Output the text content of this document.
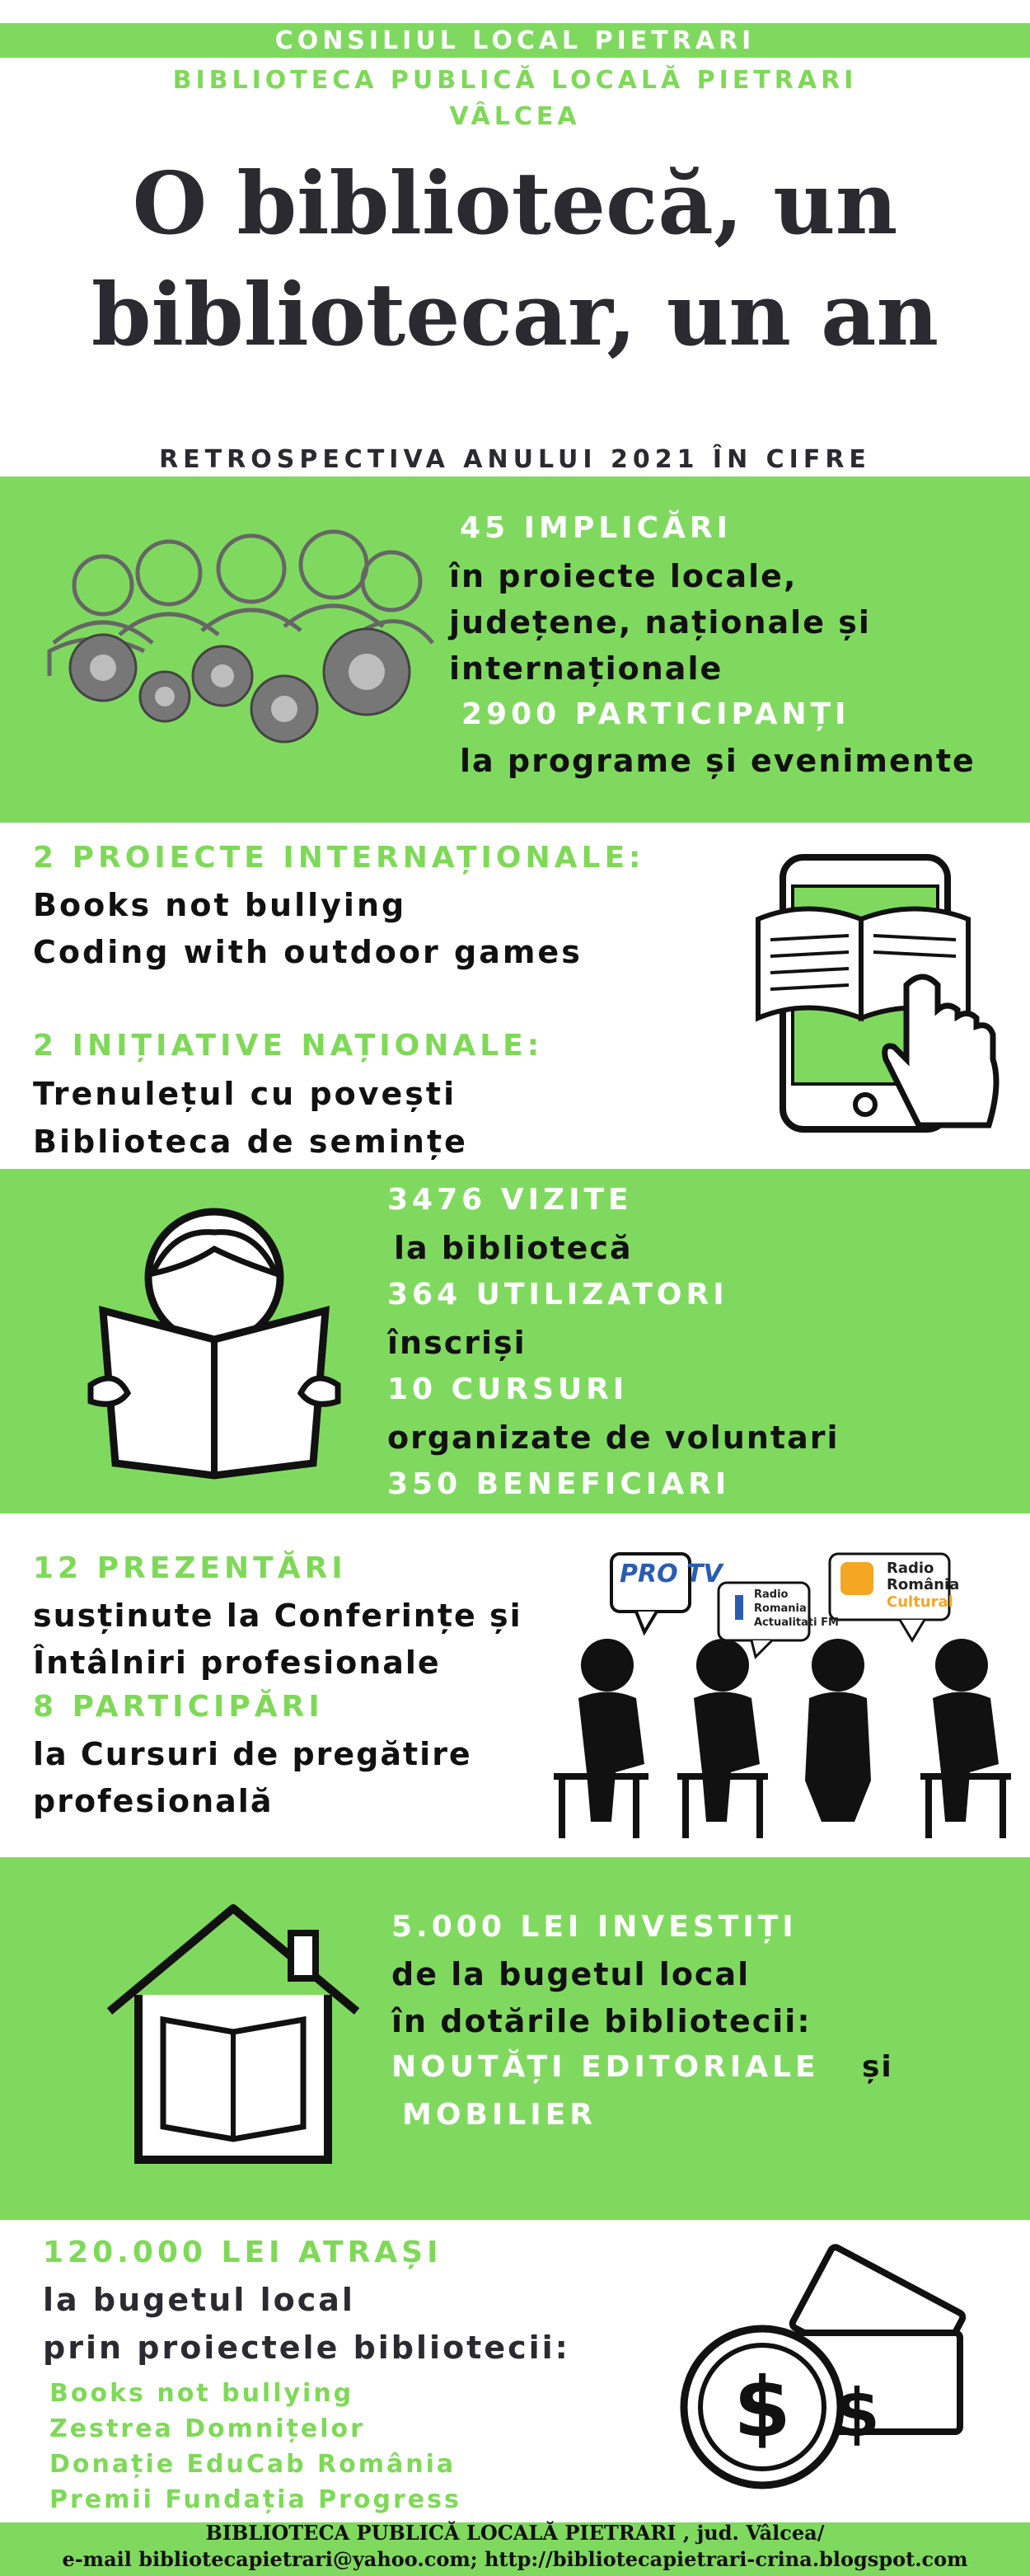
CONSILIUL LOCAL PIETRARI
BIBLIOTECA PUBLICĂ LOCALĂ PIETRARI
VÂLCEA
O bibliotecă, un
bibliotecar, un an
RETROSPECTIVA ANULUI 2021 ÎN CIFRE
45 IMPLICĂRI
în proiecte locale,
județene, naționale și
internaționale
2900 PARTICIPANȚI
la programe și evenimente
2 PROIECTE INTERNAȚIONALE:
Books not bullying
Coding with outdoor games
2 INIȚIATIVE NAȚIONALE:
Trenulețul cu povești
Biblioteca de semințe
3476 VIZITE
la bibliotecă
364 UTILIZATORI
înscriși
10 CURSURI
organizate de voluntari
350 BENEFICIARI
12 PREZENTĂRI
susținute la Conferințe și
Întâlniri profesionale
8 PARTICIPĂRI
la Cursuri de pregătire
profesională
PRO TV
Radio
Romania
Actualitati FM
Radio
România
Cultural
5.000 LEI INVESTIȚI
de la bugetul local
în dotările bibliotecii:
NOUTĂȚI EDITORIALE și
MOBILIER
120.000 LEI ATRAȘI
la bugetul local
prin proiectele bibliotecii:
Books not bullying
Zestrea Domnițelor
Donație EduCab România
Premii Fundația Progress
$ $
BIBLIOTECA PUBLICĂ LOCALĂ PIETRARI , jud. Vâlcea/
e-mail bibliotecapietrari@yahoo.com; http://bibliotecapietrari-crina.blogspot.com
